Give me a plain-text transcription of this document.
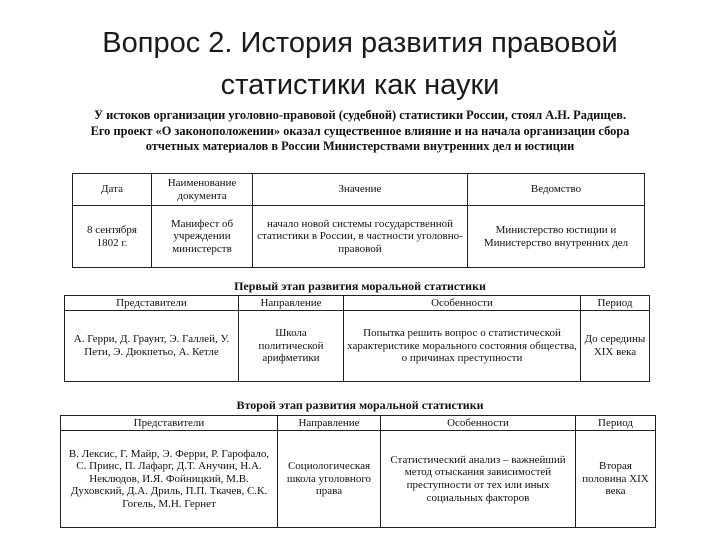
Вопрос 2. История развития правовой
статистики как науки
У истоков организации уголовно-правовой (судебной) статистики России, стоял А.Н. Радищев.
Его проект «О законоположении» оказал существенное влияние и на начала организации сбора
отчетных материалов в России Министерствами внутренних дел и юстиции
Дата	Наименование документа	Значение	Ведомство
8 сентября 1802 г.	Манифест об учреждении министерств	начало новой системы государственной статистики в России, в частности уголовно-правовой	Министерство юстиции и Министерство внутренних дел
Первый этап развития моральной статистики
Представители	Направление	Особенности	Период
А. Герри, Д. Граунт, Э. Галлей, У. Пети, Э. Дюкпетьо, А. Кетле	Школа политической арифметики	Попытка решить вопрос о статистической характеристике морального состояния общества, о причинах преступности	До середины XIX века
Второй этап развития моральной статистики
Представители	Направление	Особенности	Период
В. Лексис, Г. Майр, Э. Ферри, Р. Гарофало, С. Принс, П. Лафарг, Д.Т. Анучин, Н.А. Неклюдов, И.Я. Фойницкий, М.В. Духовский, Д.А. Дриль, П.П. Ткачев, С.К. Гогель, М.Н. Гернет	Социологическая школа уголовного права	Статистический анализ – важнейший метод отыскания зависимостей преступности от тех или иных социальных факторов	Вторая половина XIX века
